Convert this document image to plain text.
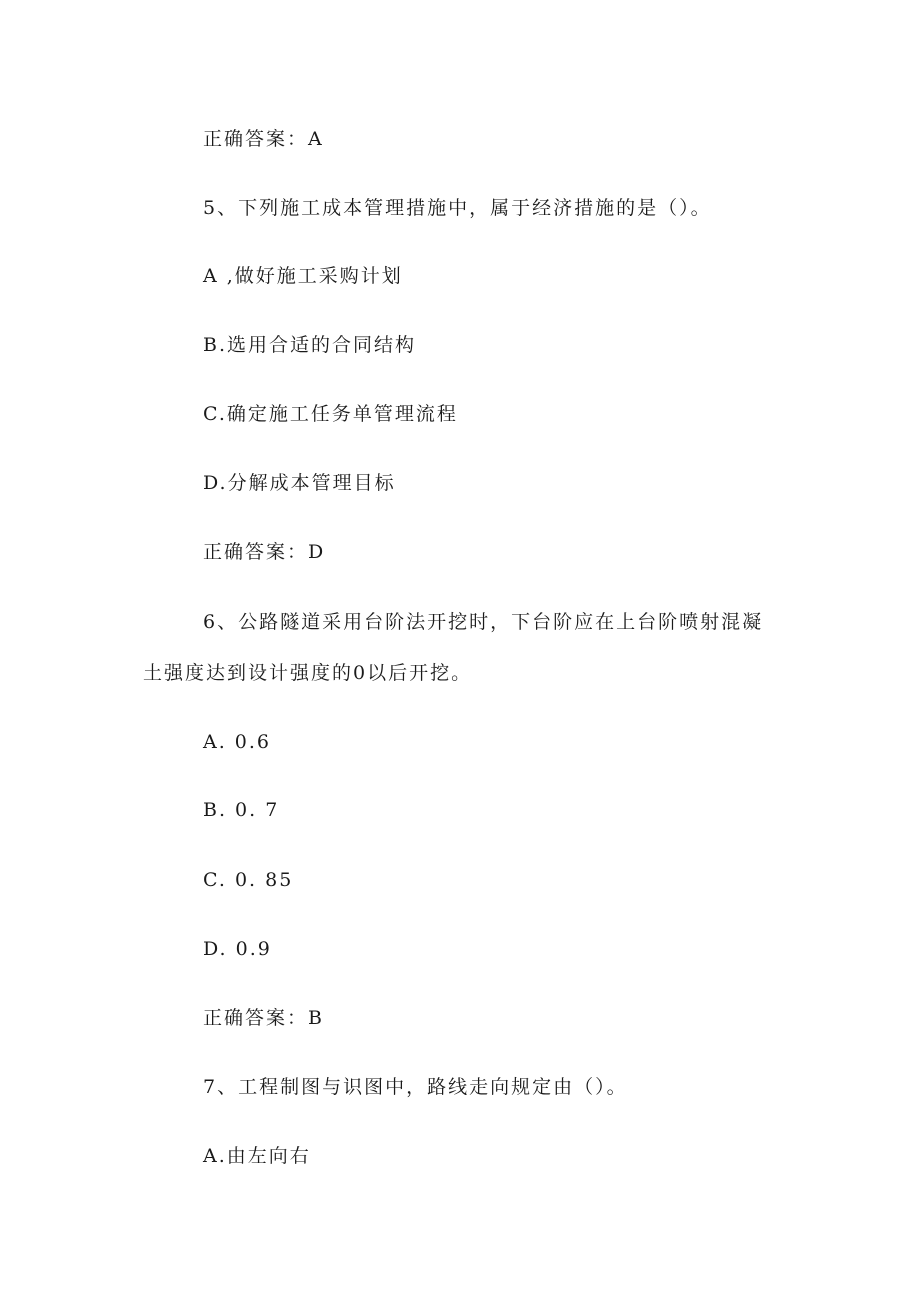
正确答案：A
5、下列施工成本管理措施中，属于经济措施的是（）。
A ,做好施工采购计划
B.选用合适的合同结构
C.确定施工任务单管理流程
D.分解成本管理目标
正确答案：D
6、公路隧道采用台阶法开挖时，下台阶应在上台阶喷射混凝
土强度达到设计强度的0以后开挖。
A. 0.6
B. 0. 7
C. 0. 85
D. 0.9
正确答案：B
7、工程制图与识图中，路线走向规定由（）。
A.由左向右
